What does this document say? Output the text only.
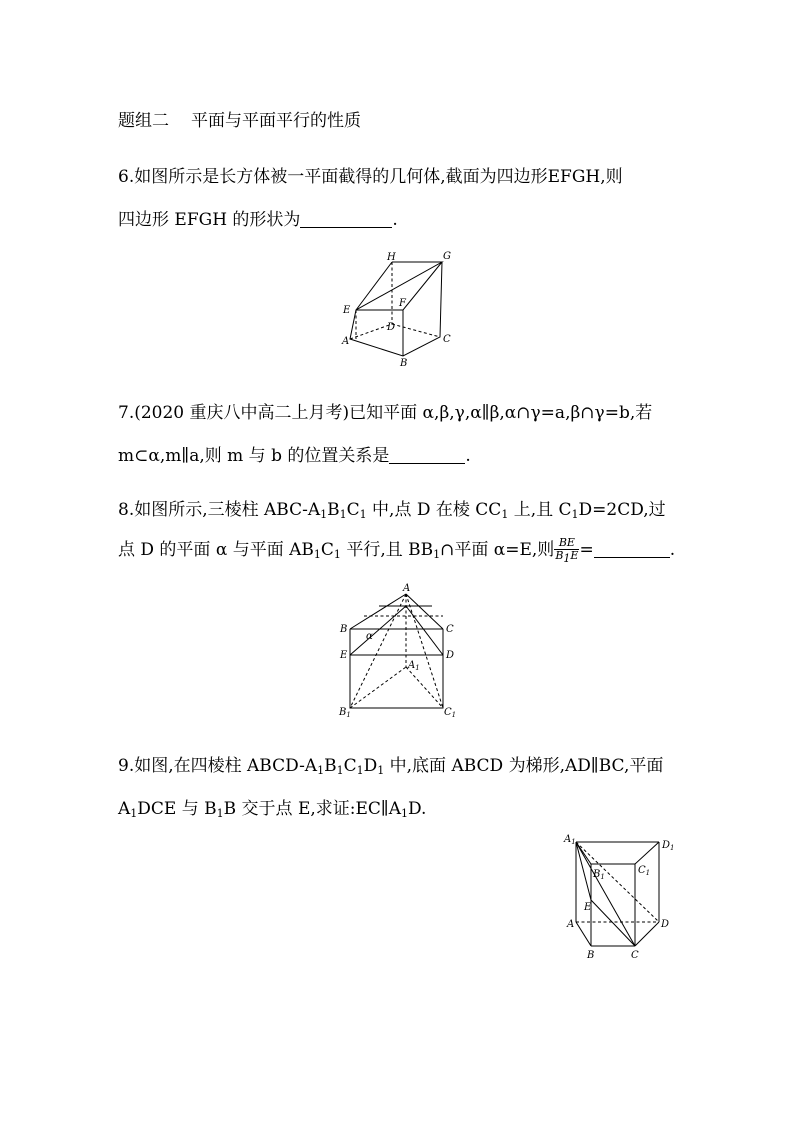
题组二 平面与平面平行的性质
6.如图所示是长方体被一平面截得的几何体,截面为四边形EFGH,则
四边形 EFGH 的形状为	.
H	G
E
F
D
A
B
C
7.(2020 重庆八中高二上月考)已知平面 α,β,γ,α∥β,α∩γ=a,β∩γ=b,若
m⊂α,m∥a,则 m 与 b 的位置关系是	.
8.如图所示,三棱柱 ABC-$A_1B_1C_1$ 中,点 D 在棱 $CC_1$ 上,且 $C_1D=2CD$,过
点 D 的平面 α 与平面 $AB_1C_1$ 平行,且 $BB_1\cap$平面 α=E,则 $\frac{BE}{B_1E}$ =	.
A
B	C
E	D
α
$A_1$
$B_1$	$C_1$
9.如图,在四棱柱 ABCD-$A_1B_1C_1D_1$ 中,底面 ABCD 为梯形,AD∥BC,平面
$A_1DCE$ 与 $B_1B$ 交于点 E,求证$:EC\parallel A_1D$.
$A_1$	$D_1$
$B_1$
$C_1$
E
A	D
B	C
